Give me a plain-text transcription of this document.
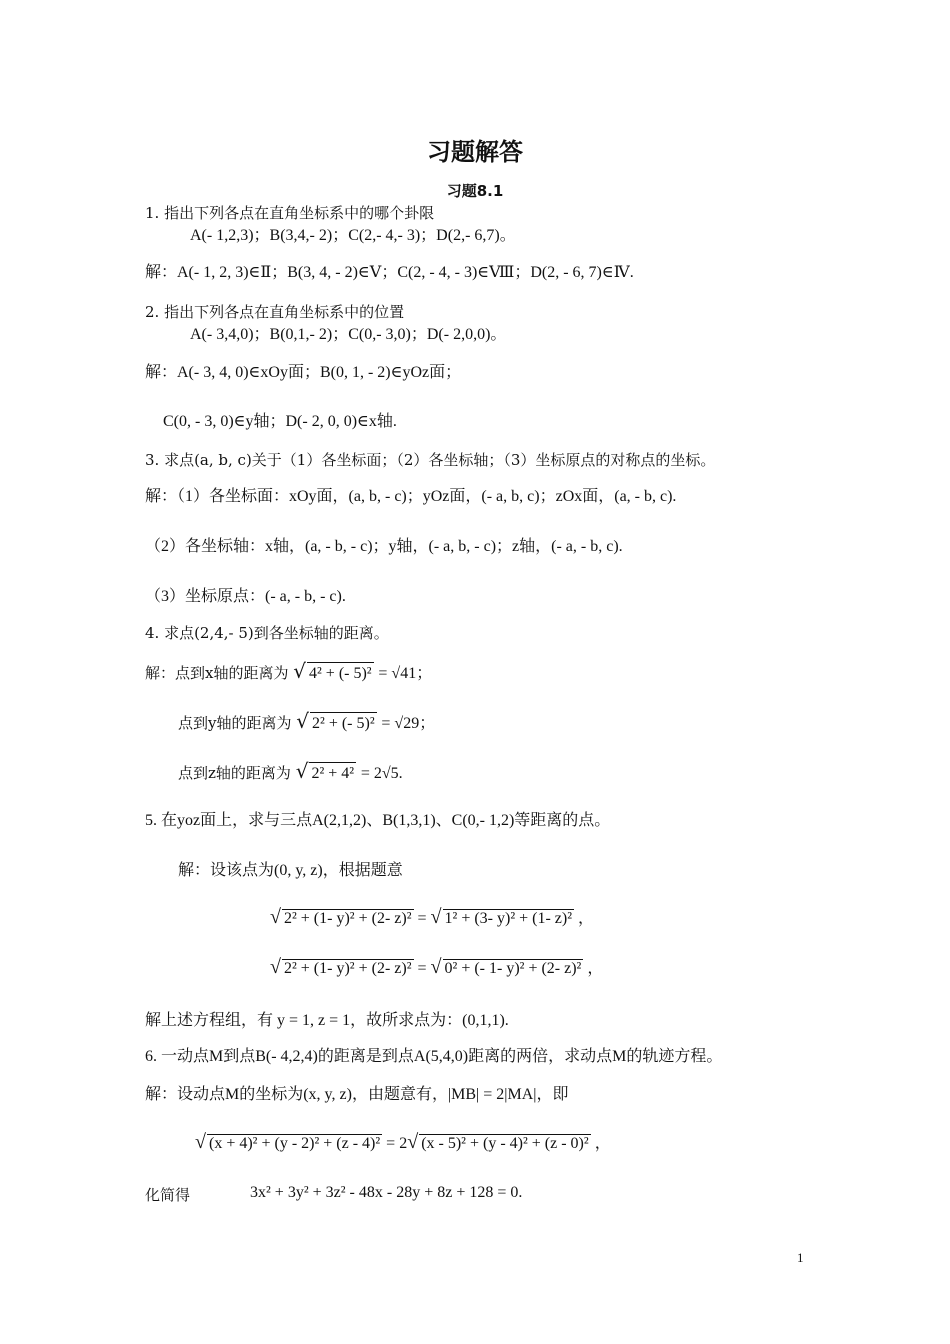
习题解答
习题8.1
1. 指出下列各点在直角坐标系中的哪个卦限
A(- 1,2,3)；B(3,4,- 2)；C(2,- 4,- 3)；D(2,- 6,7)。
解：A(- 1, 2, 3)∈Ⅱ；B(3, 4, - 2)∈Ⅴ；C(2, - 4, - 3)∈Ⅷ；D(2, - 6, 7)∈Ⅳ.
2. 指出下列各点在直角坐标系中的位置
A(- 3,4,0)；B(0,1,- 2)；C(0,- 3,0)；D(- 2,0,0)。
解：A(- 3, 4, 0)∈xOy面；B(0, 1, - 2)∈yOz面；
C(0, - 3, 0)∈y轴；D(- 2, 0, 0)∈x轴.
3. 求点(a, b, c)关于（1）各坐标面；（2）各坐标轴；（3）坐标原点的对称点的坐标。
解：（1）各坐标面：xOy面，(a, b, - c)；yOz面，(- a, b, c)；zOx面，(a, - b, c).
（2）各坐标轴：x轴，(a, - b, - c)；y轴，(- a, b, - c)；z轴，(- a, - b, c).
（3）坐标原点：(- a, - b, - c).
4. 求点(2,4,- 5)到各坐标轴的距离。
解：点到x轴的距离为 √ 4² + (- 5)² = √41；
点到y轴的距离为 √ 2² + (- 5)² = √29；
点到z轴的距离为 √ 2² + 4² = 2√5.
5. 在yoz面上，求与三点A(2,1,2)、B(1,3,1)、C(0,- 1,2)等距离的点。
解：设该点为(0, y, z)，根据题意
√ 2² + (1- y)² + (2- z)² = √ 1² + (3- y)² + (1- z)² ，
√ 2² + (1- y)² + (2- z)² = √ 0² + (- 1- y)² + (2- z)² ，
解上述方程组，有 y = 1, z = 1，故所求点为：(0,1,1).
6. 一动点M到点B(- 4,2,4)的距离是到点A(5,4,0)距离的两倍，求动点M的轨迹方程。
解：设动点M的坐标为(x, y, z)，由题意有，|MB| = 2|MA|，即
√ (x + 4)² + (y - 2)² + (z - 4)² = 2√ (x - 5)² + (y - 4)² + (z - 0)² ，
化简得	3x² + 3y² + 3z² - 48x - 28y + 8z + 128 = 0.
1
